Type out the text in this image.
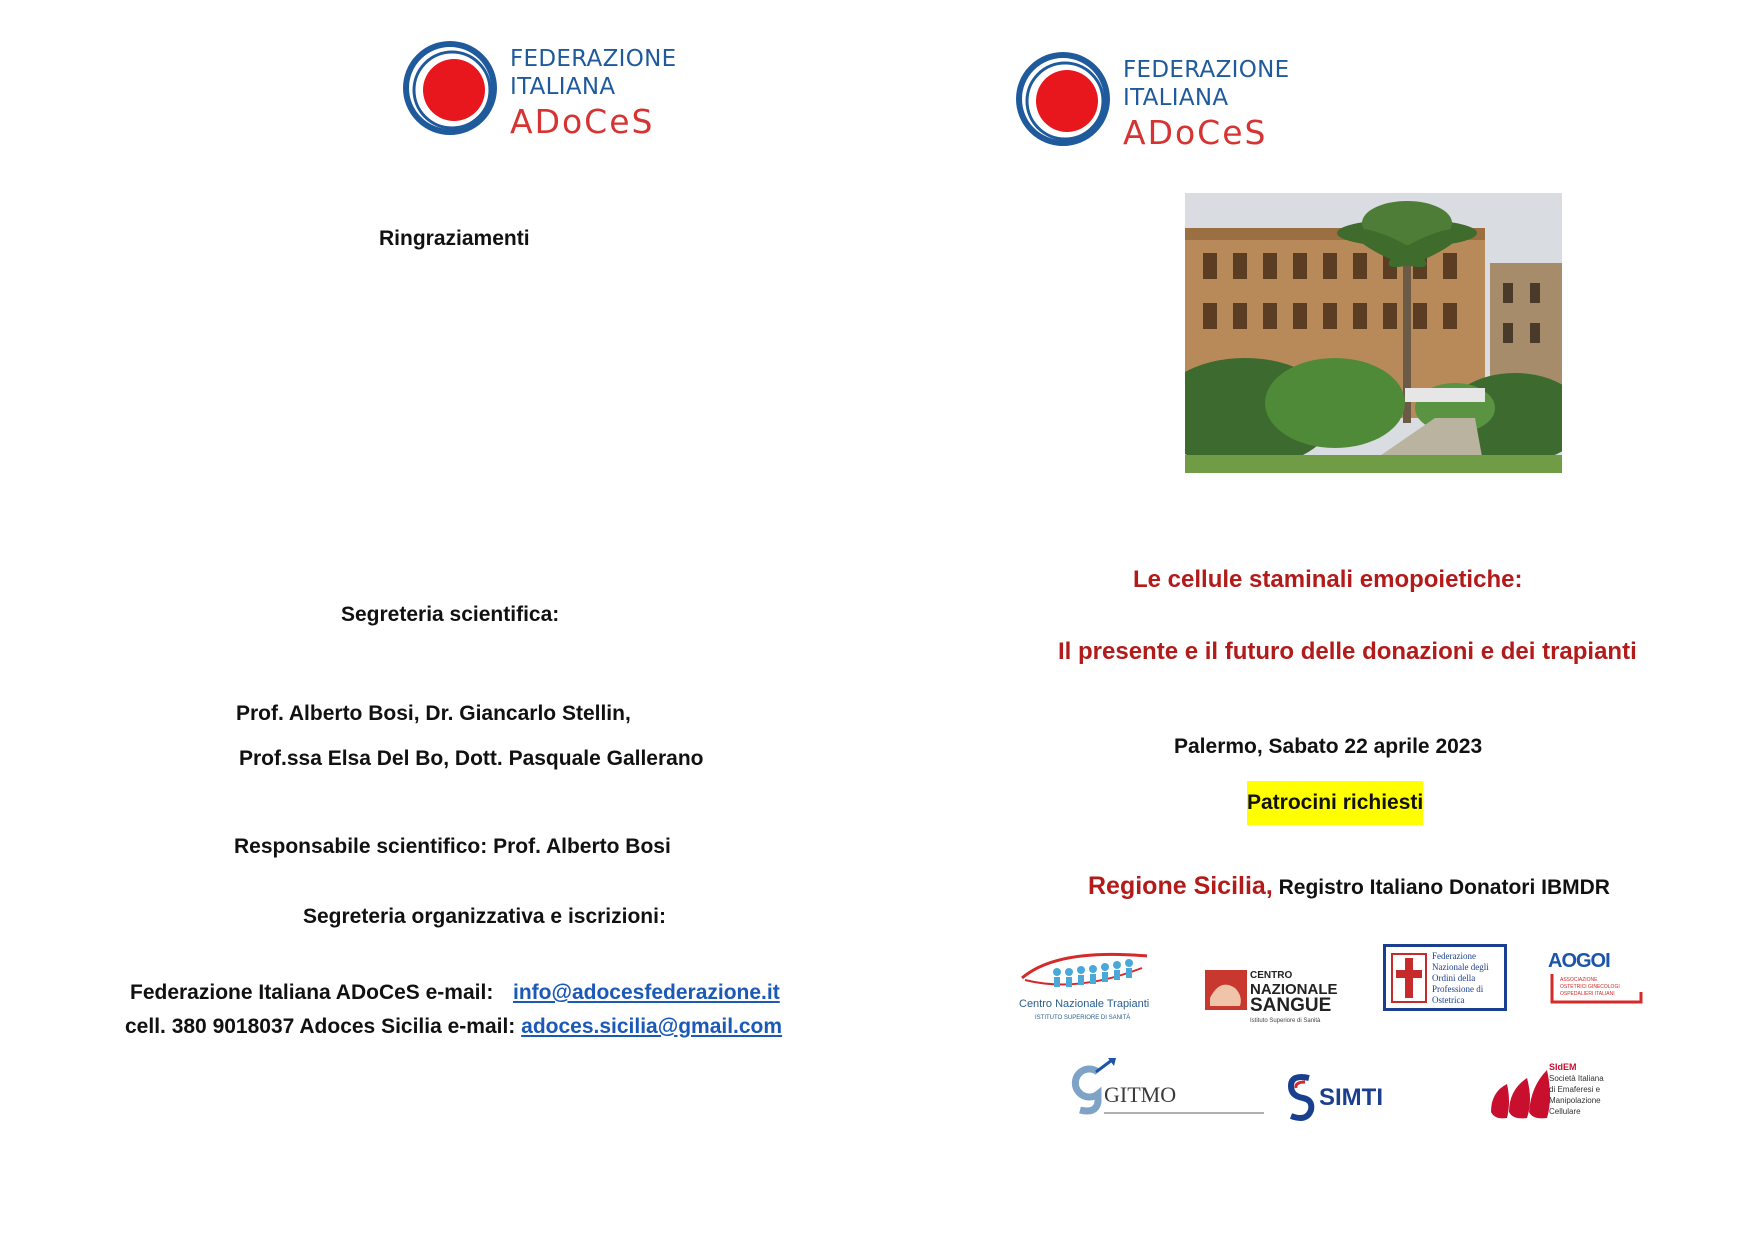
FEDERAZIONE
ITALIANA
ADoCeS
FEDERAZIONE
ITALIANA
ADoCeS
Ringraziamenti
Segreteria scientifica:
Prof. Alberto Bosi, Dr. Giancarlo Stellin,
Prof.ssa Elsa Del Bo, Dott. Pasquale Gallerano
Responsabile scientifico: Prof. Alberto Bosi
Segreteria organizzativa e iscrizioni:
Federazione Italiana ADoCeS e-mail: info@adocesfederazione.it
cell. 380 9018037 Adoces Sicilia e-mail: adoces.sicilia@gmail.com
Le cellule staminali emopoietiche:
Il presente e il futuro delle donazioni e dei trapianti
Palermo, Sabato 22 aprile 2023
Patrocini richiesti
Regione Sicilia, Registro Italiano Donatori IBMDR
Centro Nazionale Trapianti
ISTITUTO SUPERIORE DI SANITÀ
CENTRO
NAZIONALE
SANGUE
Istituto Superiore di Sanità
Federazione
Nazionale degli
Ordini della
Professione di
Ostetrica
AOGOI
ASSOCIAZIONE
OSTETRICI GINECOLOGI
OSPEDALIERI ITALIANI
GITMO	SIMTI
SIdEM
Società Italiana
di Emaferesi e
Manipolazione
Cellulare
